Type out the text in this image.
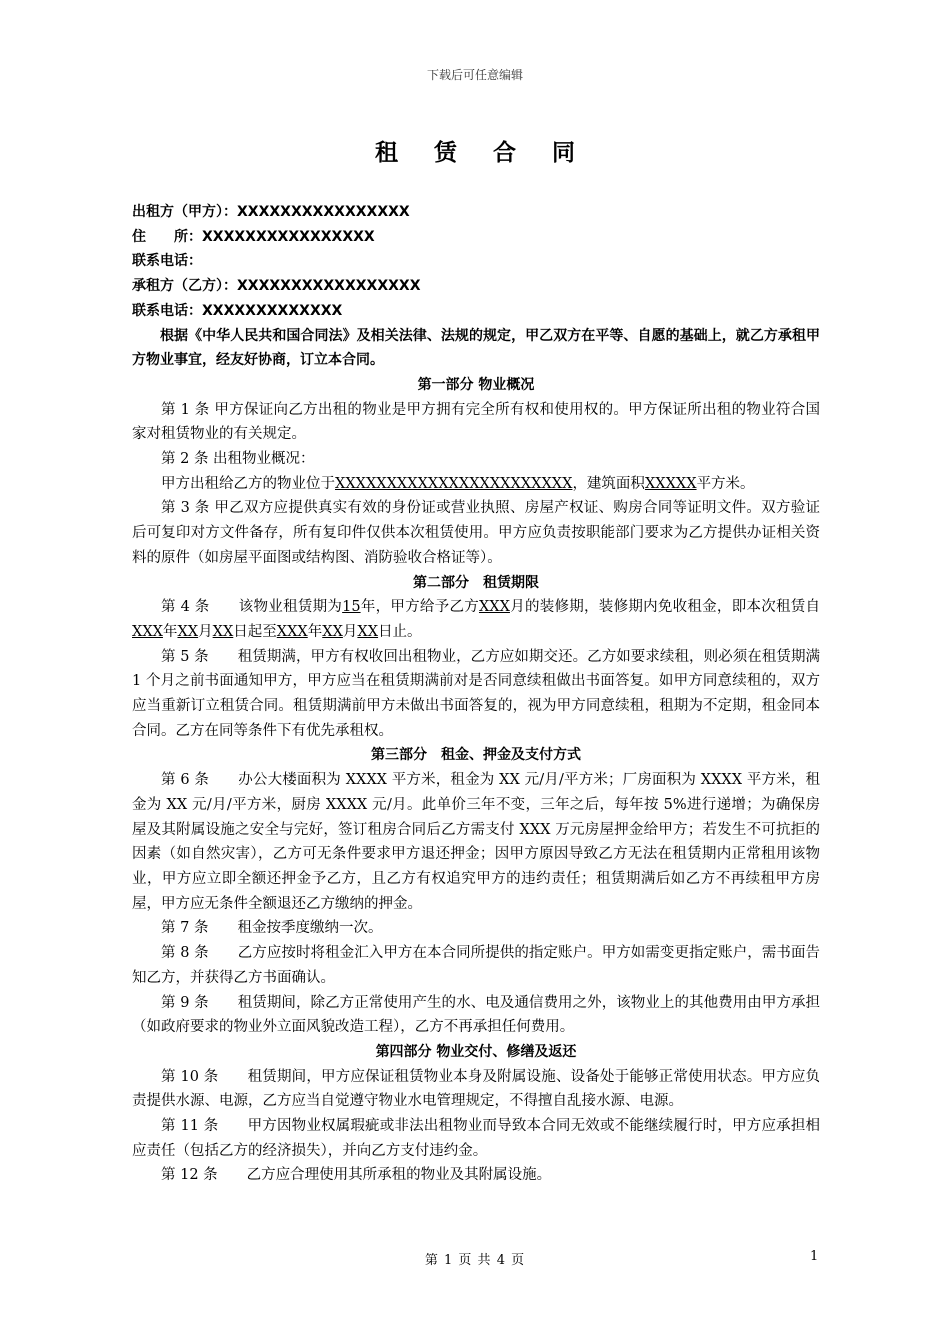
下载后可任意编辑
租 赁 合 同
出租方（甲方）：XXXXXXXXXXXXXXXX
住　　所：XXXXXXXXXXXXXXXX
联系电话：
承租方（乙方）：XXXXXXXXXXXXXXXXX
联系电话：XXXXXXXXXXXXX
根据《中华人民共和国合同法》及相关法律、法规的规定，甲乙双方在平等、自愿的基础上，就乙方承租甲方物业事宜，经友好协商，订立本合同。
第一部分 物业概况
第 1 条 甲方保证向乙方出租的物业是甲方拥有完全所有权和使用权的。甲方保证所出租的物业符合国家对租赁物业的有关规定。
第 2 条 出租物业概况：
甲方出租给乙方的物业位于XXXXXXXXXXXXXXXXXXXXXXX，建筑面积XXXXX平方米。
第 3 条 甲乙双方应提供真实有效的身份证或营业执照、房屋产权证、购房合同等证明文件。双方验证后可复印对方文件备存，所有复印件仅供本次租赁使用。甲方应负责按职能部门要求为乙方提供办证相关资料的原件（如房屋平面图或结构图、消防验收合格证等）。
第二部分　租赁期限
第 4 条 该物业租赁期为15年，甲方给予乙方XXX月的装修期，装修期内免收租金，即本次租赁自XXX年XX月XX日起至XXX年XX月XX日止。
第 5 条 租赁期满，甲方有权收回出租物业，乙方应如期交还。乙方如要求续租，则必须在租赁期满 1 个月之前书面通知甲方，甲方应当在租赁期满前对是否同意续租做出书面答复。如甲方同意续租的，双方应当重新订立租赁合同。租赁期满前甲方未做出书面答复的，视为甲方同意续租，租期为不定期，租金同本合同。乙方在同等条件下有优先承租权。
第三部分　租金、押金及支付方式
第 6 条 办公大楼面积为 XXXX 平方米，租金为 XX 元/月/平方米；厂房面积为 XXXX 平方米，租金为 XX 元/月/平方米，厨房 XXXX 元/月。此单价三年不变，三年之后，每年按 5%进行递增；为确保房屋及其附属设施之安全与完好，签订租房合同后乙方需支付 XXX 万元房屋押金给甲方；若发生不可抗拒的因素（如自然灾害），乙方可无条件要求甲方退还押金；因甲方原因导致乙方无法在租赁期内正常租用该物业，甲方应立即全额还押金予乙方，且乙方有权追究甲方的违约责任；租赁期满后如乙方不再续租甲方房屋，甲方应无条件全额退还乙方缴纳的押金。
第 7 条 租金按季度缴纳一次。
第 8 条 乙方应按时将租金汇入甲方在本合同所提供的指定账户。甲方如需变更指定账户，需书面告知乙方，并获得乙方书面确认。
第 9 条 租赁期间，除乙方正常使用产生的水、电及通信费用之外，该物业上的其他费用由甲方承担（如政府要求的物业外立面风貌改造工程），乙方不再承担任何费用。
第四部分 物业交付、修缮及返还
第 10 条 租赁期间，甲方应保证租赁物业本身及附属设施、设备处于能够正常使用状态。甲方应负责提供水源、电源，乙方应当自觉遵守物业水电管理规定，不得擅自乱接水源、电源。
第 11 条 甲方因物业权属瑕疵或非法出租物业而导致本合同无效或不能继续履行时，甲方应承担相应责任（包括乙方的经济损失），并向乙方支付违约金。
第 12 条 乙方应合理使用其所承租的物业及其附属设施。
第 1 页 共 4 页	1
